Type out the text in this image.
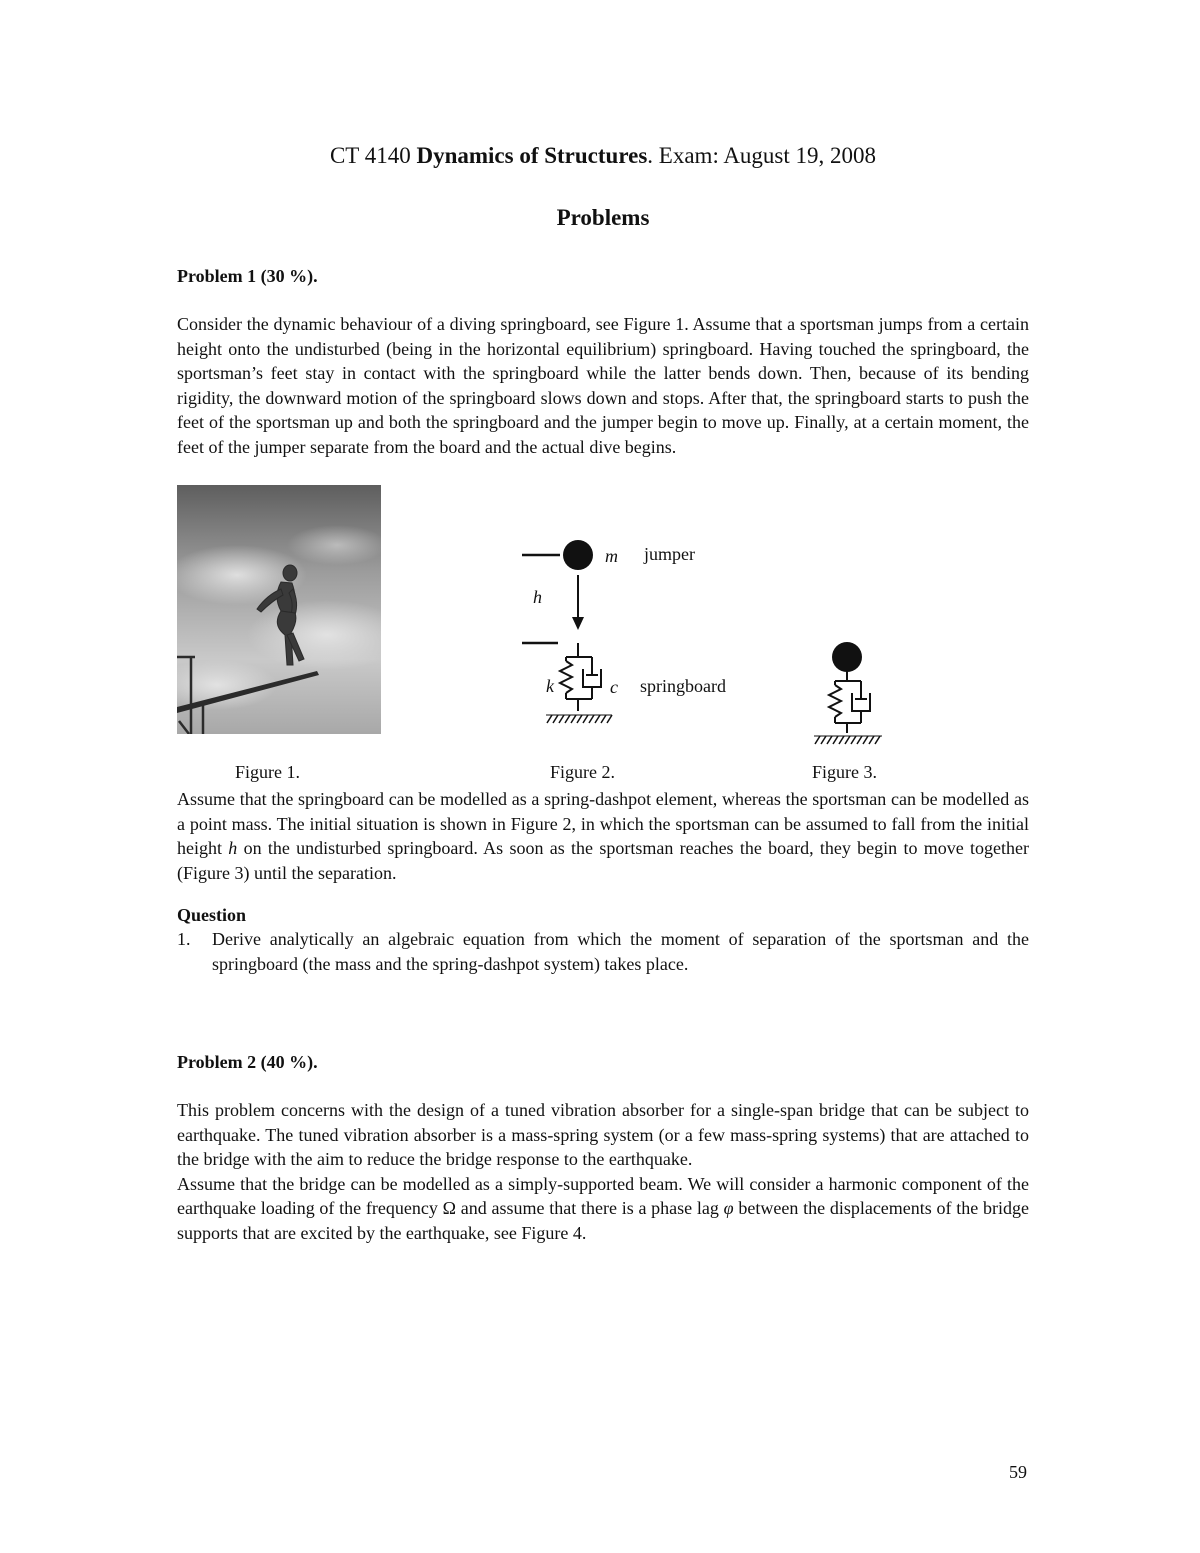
CT 4140 Dynamics of Structures. Exam: August 19, 2008
Problems

Problem 1 (30 %).

Consider the dynamic behaviour of a diving springboard, see Figure 1. Assume that a sportsman jumps from a certain height onto the undisturbed (being in the horizontal equilibrium) springboard. Having touched the springboard, the sportsman’s feet stay in contact with the springboard while the latter bends down. Then, because of its bending rigidity, the downward motion of the springboard slows down and stops. After that, the springboard starts to push the feet of the sportsman up and both the springboard and the jumper begin to move up. Finally, at a certain moment, the feet of the jumper separate from the board and the actual dive begins.

m jumper
h
k	c springboard
Figure 1.	Figure 2.	Figure 3.

Assume that the springboard can be modelled as a spring-dashpot element, whereas the sportsman can be modelled as a point mass. The initial situation is shown in Figure 2, in which the sportsman can be assumed to fall from the initial height h on the undisturbed springboard. As soon as the sportsman reaches the board, they begin to move together (Figure 3) until the separation.

Question

1. Derive analytically an algebraic equation from which the moment of separation of the sportsman and the springboard (the mass and the spring-dashpot system) takes place.

Problem 2 (40 %).

This problem concerns with the design of a tuned vibration absorber for a single-span bridge that can be subject to earthquake. The tuned vibration absorber is a mass-spring system (or a few mass-spring systems) that are attached to the bridge with the aim to reduce the bridge response to the earthquake.

Assume that the bridge can be modelled as a simply-supported beam. We will consider a harmonic component of the earthquake loading of the frequency Ω and assume that there is a phase lag φ between the displacements of the bridge supports that are excited by the earthquake, see Figure 4.

59
